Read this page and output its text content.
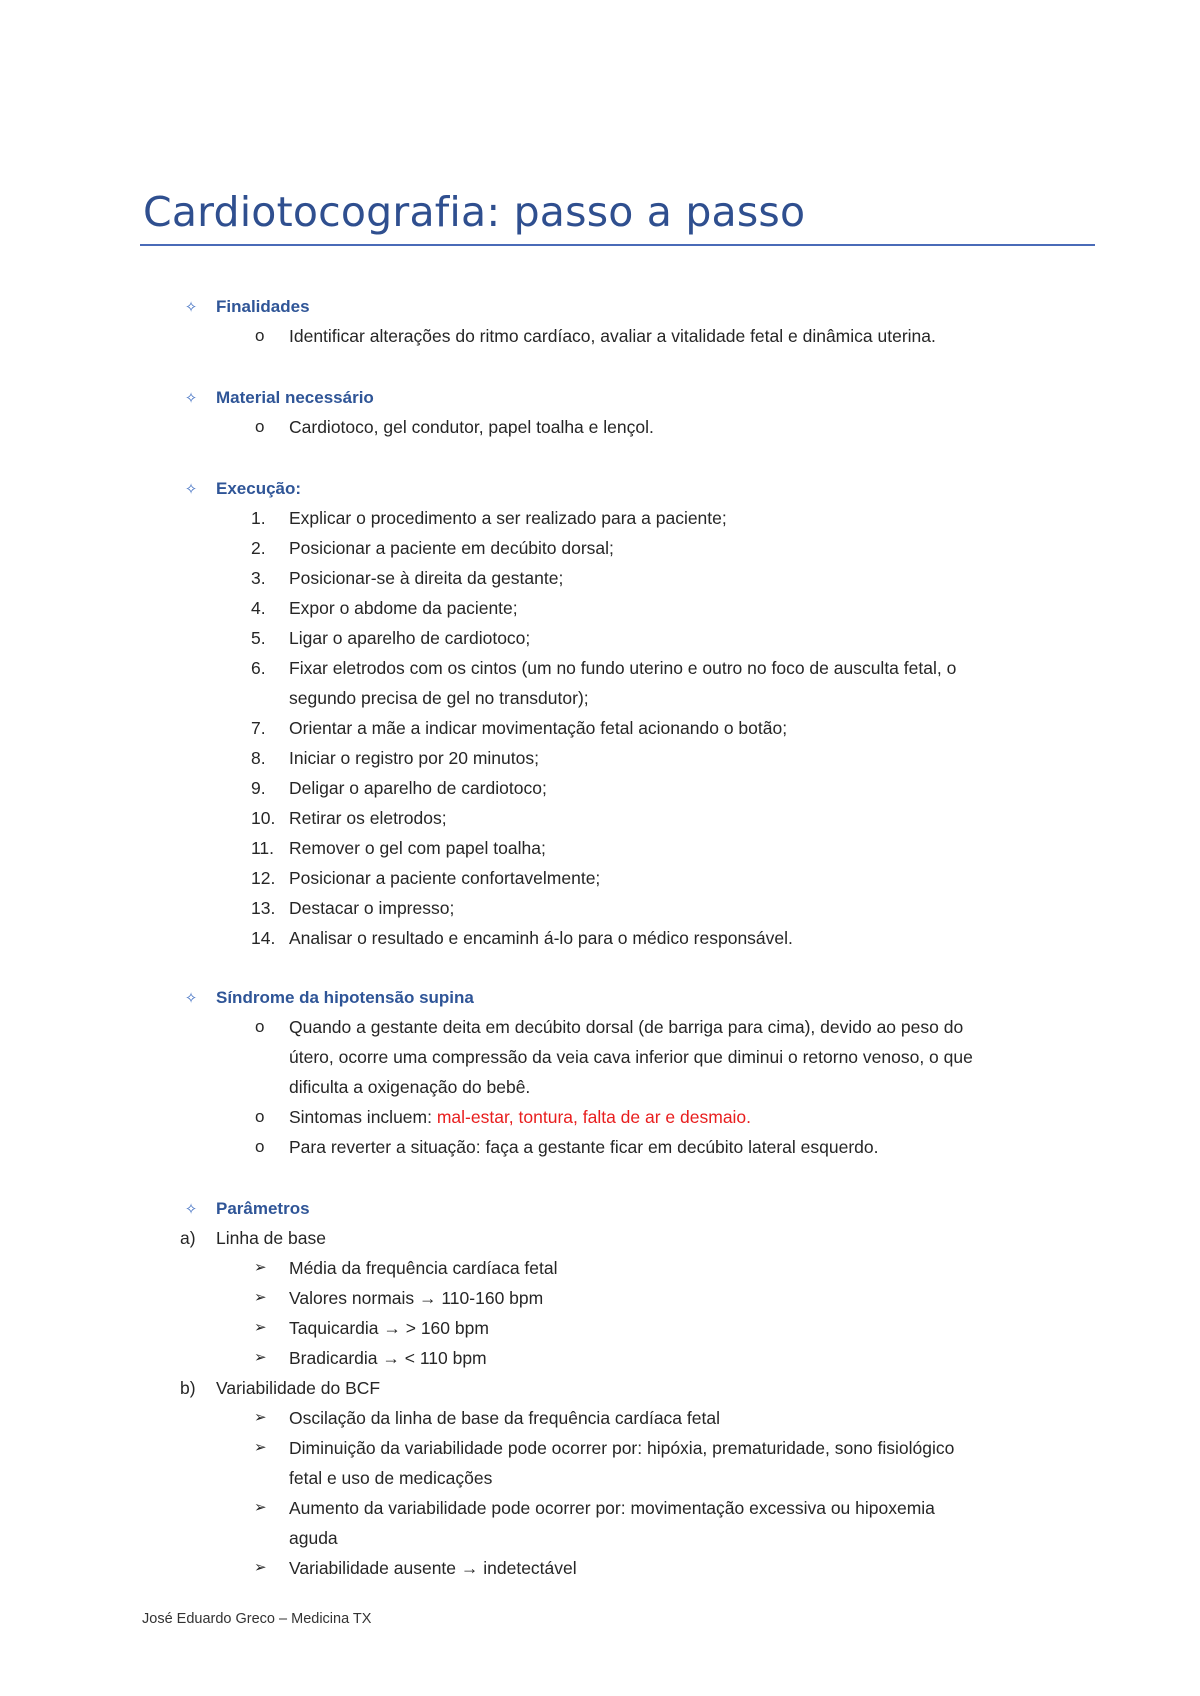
Cardiotocografia: passo a passo
✧ Finalidades
o Identificar alterações do ritmo cardíaco, avaliar a vitalidade fetal e dinâmica uterina.
✧ Material necessário
o Cardiotoco, gel condutor, papel toalha e lençol.
✧ Execução:
1. Explicar o procedimento a ser realizado para a paciente;
2. Posicionar a paciente em decúbito dorsal;
3. Posicionar-se à direita da gestante;
4. Expor o abdome da paciente;
5. Ligar o aparelho de cardiotoco;
6. Fixar eletrodos com os cintos (um no fundo uterino e outro no foco de ausculta fetal, o
segundo precisa de gel no transdutor);
7. Orientar a mãe a indicar movimentação fetal acionando o botão;
8. Iniciar o registro por 20 minutos;
9. Deligar o aparelho de cardiotoco;
10. Retirar os eletrodos;
11. Remover o gel com papel toalha;
12. Posicionar a paciente confortavelmente;
13. Destacar o impresso;
14. Analisar o resultado e encaminh á-lo para o médico responsável.
✧ Síndrome da hipotensão supina
o Quando a gestante deita em decúbito dorsal (de barriga para cima), devido ao peso do
útero, ocorre uma compressão da veia cava inferior que diminui o retorno venoso, o que
dificulta a oxigenação do bebê.
o Sintomas incluem: mal-estar, tontura, falta de ar e desmaio.
o Para reverter a situação: faça a gestante ficar em decúbito lateral esquerdo.
✧ Parâmetros
a) Linha de base
➢ Média da frequência cardíaca fetal
➢ Valores normais → 110-160 bpm
➢ Taquicardia → > 160 bpm
➢ Bradicardia → < 110 bpm
b) Variabilidade do BCF
➢ Oscilação da linha de base da frequência cardíaca fetal
➢ Diminuição da variabilidade pode ocorrer por: hipóxia, prematuridade, sono fisiológico
fetal e uso de medicações
➢ Aumento da variabilidade pode ocorrer por: movimentação excessiva ou hipoxemia
aguda
➢ Variabilidade ausente → indetectável
José Eduardo Greco – Medicina TX
